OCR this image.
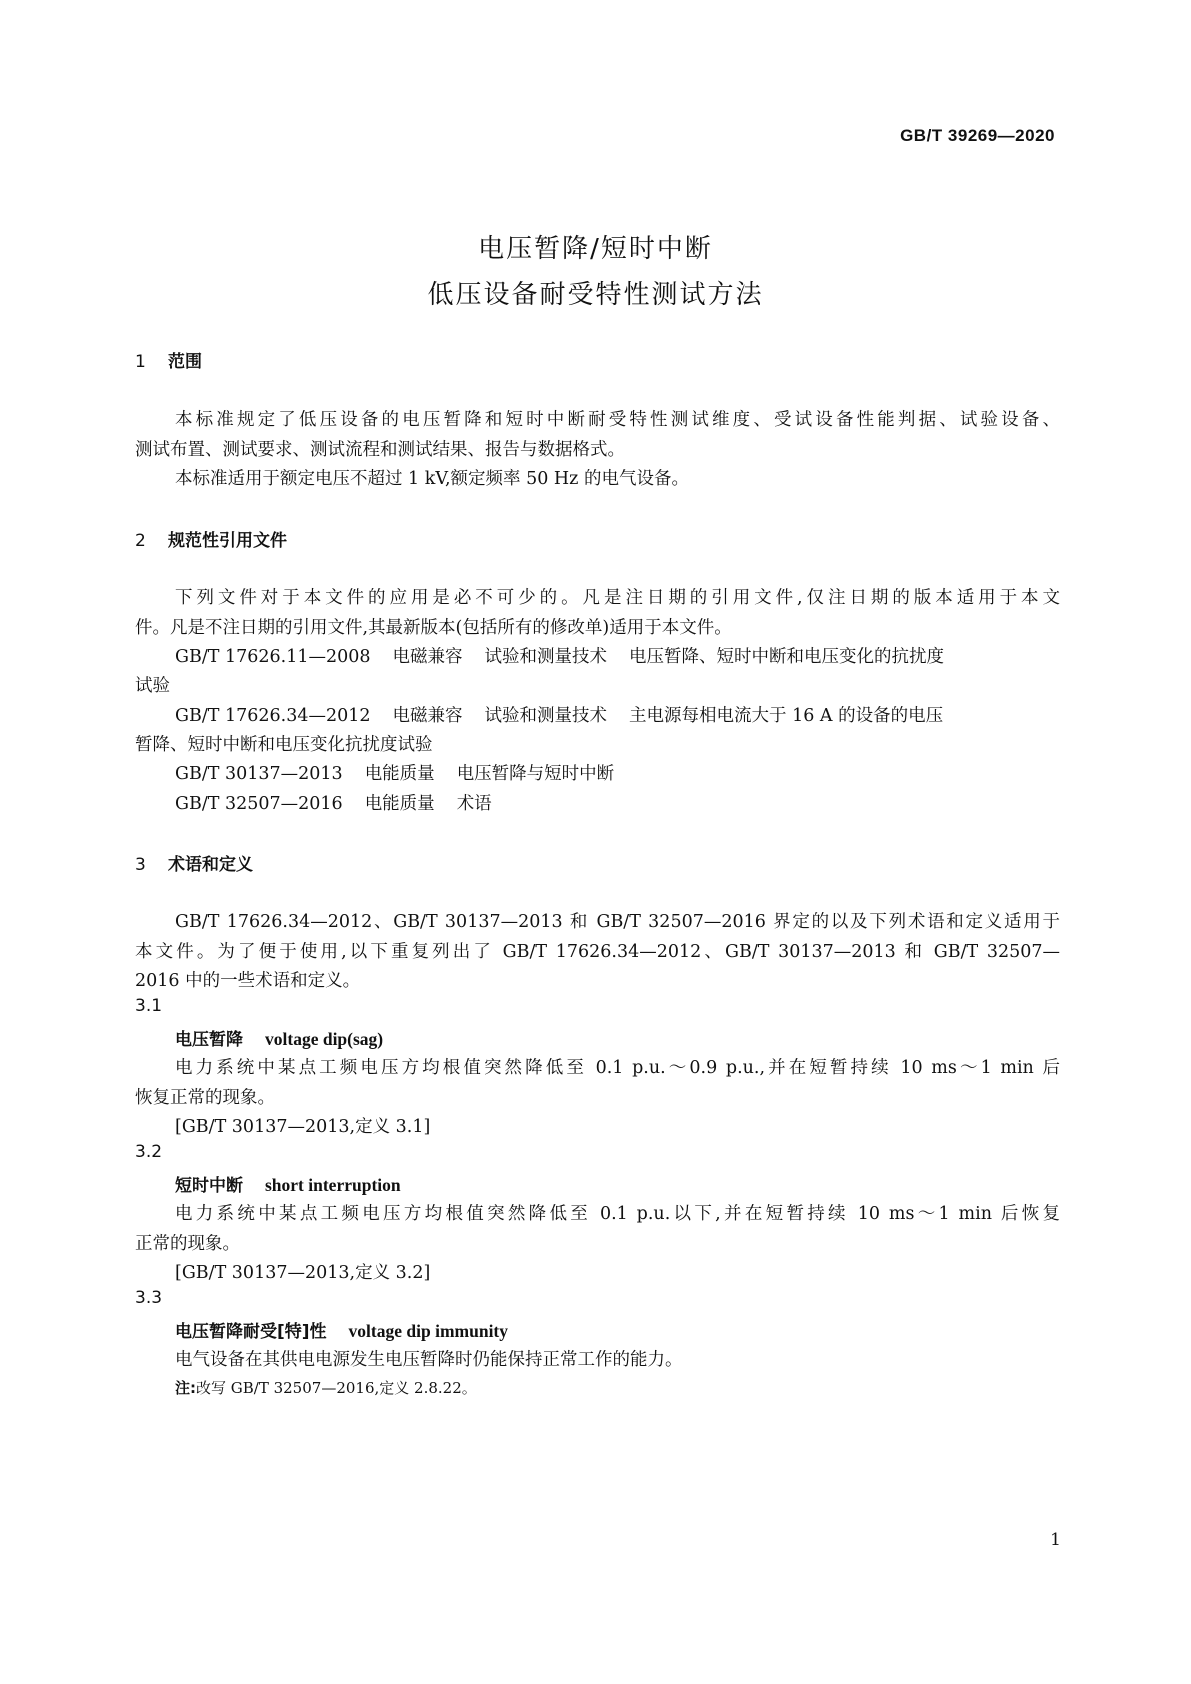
GB/T 39269—2020
电压暂降/短时中断
低压设备耐受特性测试方法
1 范围
本标准规定了低压设备的电压暂降和短时中断耐受特性测试维度、受试设备性能判据、试验设备、
测试布置、测试要求、测试流程和测试结果、报告与数据格式。
本标准适用于额定电压不超过 1 kV,额定频率 50 Hz 的电气设备。
2 规范性引用文件
下列文件对于本文件的应用是必不可少的。凡是注日期的引用文件,仅注日期的版本适用于本文
件。凡是不注日期的引用文件,其最新版本(包括所有的修改单)适用于本文件。
GB/T 17626.11—2008 电磁兼容 试验和测量技术 电压暂降、短时中断和电压变化的抗扰度
试验
GB/T 17626.34—2012 电磁兼容 试验和测量技术 主电源每相电流大于 16 A 的设备的电压
暂降、短时中断和电压变化抗扰度试验
GB/T 30137—2013 电能质量 电压暂降与短时中断
GB/T 32507—2016 电能质量 术语
3 术语和定义
GB/T 17626.34—2012、GB/T 30137—2013 和 GB/T 32507—2016 界定的以及下列术语和定义适用于
本文件。为了便于使用,以下重复列出了 GB/T 17626.34—2012、GB/T 30137—2013 和 GB/T 32507—
2016 中的一些术语和定义。
3.1
电压暂降 voltage dip(sag)
电力系统中某点工频电压方均根值突然降低至 0.1 p.u.～0.9 p.u.,并在短暂持续 10 ms～1 min 后
恢复正常的现象。
[GB/T 30137—2013,定义 3.1]
3.2
短时中断 short interruption
电力系统中某点工频电压方均根值突然降低至 0.1 p.u.以下,并在短暂持续 10 ms～1 min 后恢复
正常的现象。
[GB/T 30137—2013,定义 3.2]
3.3
电压暂降耐受[特]性 voltage dip immunity
电气设备在其供电电源发生电压暂降时仍能保持正常工作的能力。
注:改写 GB/T 32507—2016,定义 2.8.22。
1
